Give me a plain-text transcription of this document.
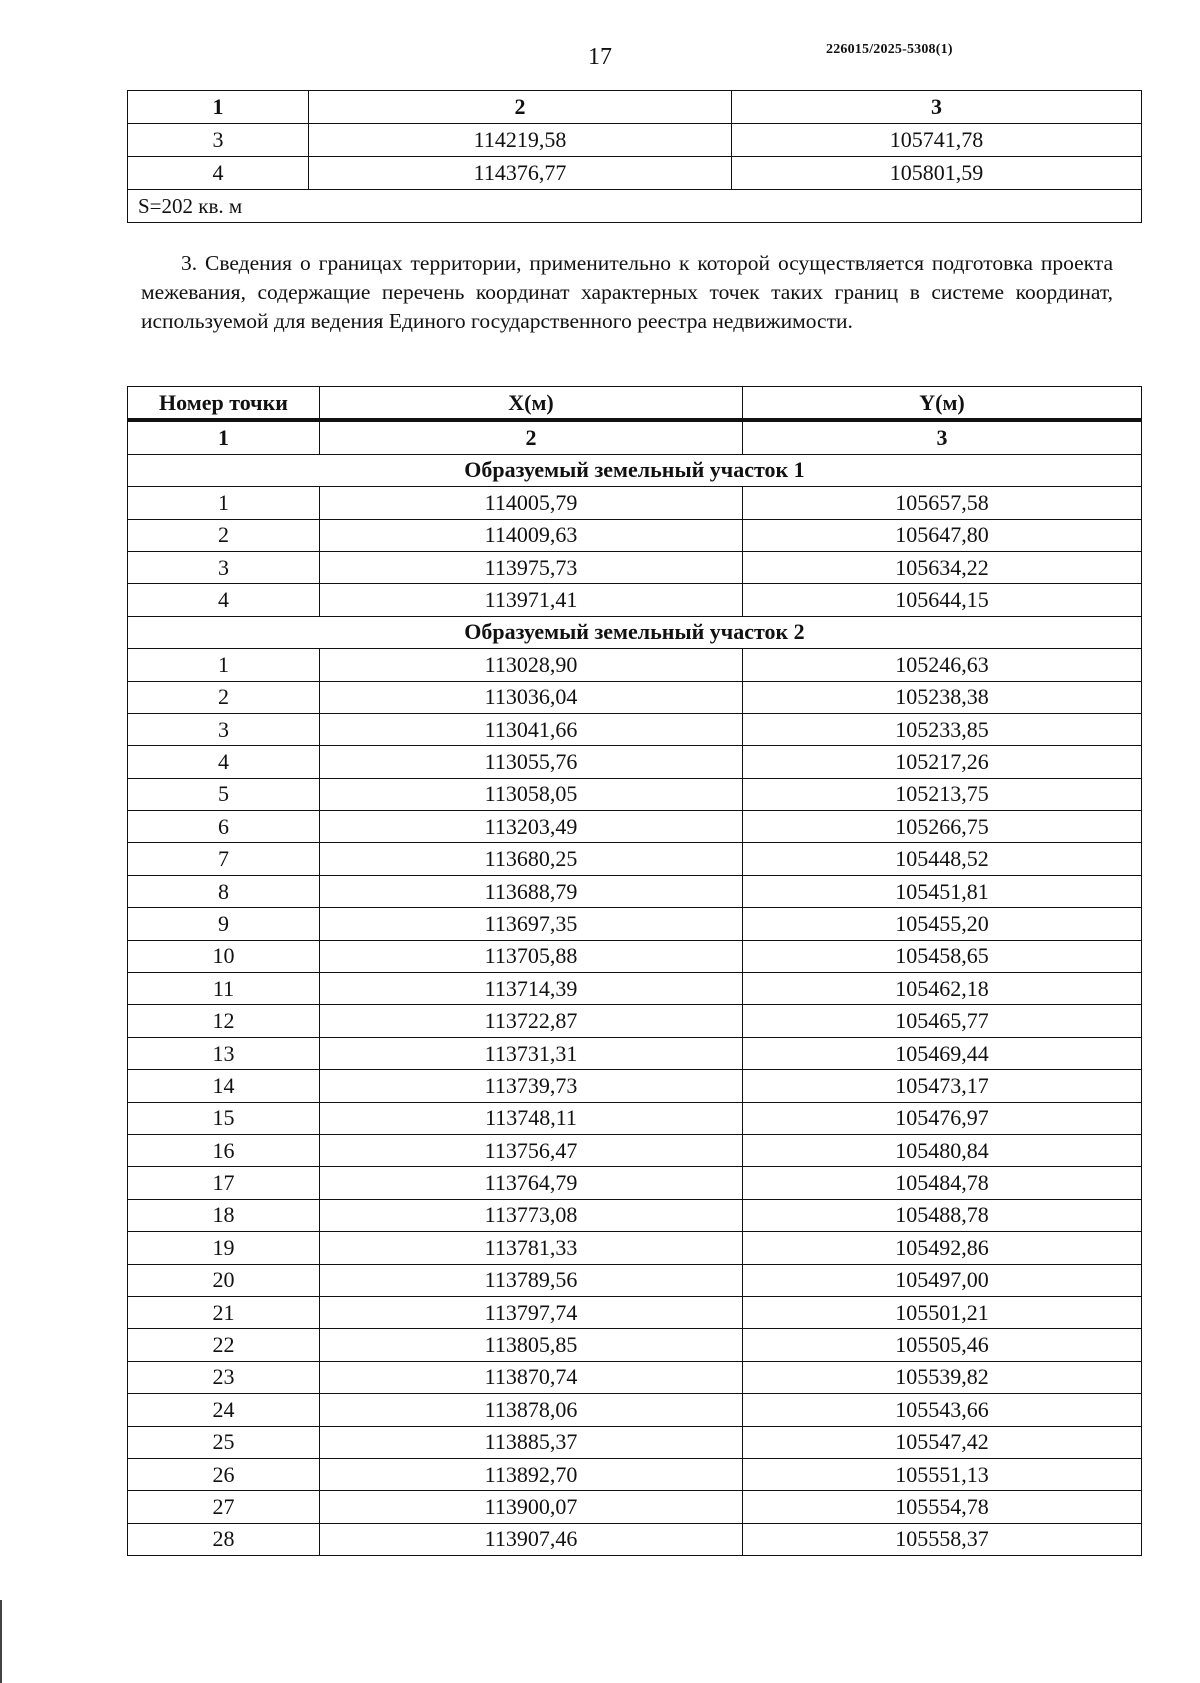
17	226015/2025-5308(1)
1	2	3
3	114219,58	105741,78
4	114376,77	105801,59
S=202 кв. м		
3. Сведения о границах территории, применительно к которой осуществляется подготовка проекта межевания, содержащие перечень координат характерных точек таких границ в системе координат, используемой для ведения Единого государственного реестра недвижимости.
Номер точки	X(м)	Y(м)
1	2	3
Образуемый земельный участок 1		
1	114005,79	105657,58
2	114009,63	105647,80
3	113975,73	105634,22
4	113971,41	105644,15
Образуемый земельный участок 2		
1	113028,90	105246,63
2	113036,04	105238,38
3	113041,66	105233,85
4	113055,76	105217,26
5	113058,05	105213,75
6	113203,49	105266,75
7	113680,25	105448,52
8	113688,79	105451,81
9	113697,35	105455,20
10	113705,88	105458,65
11	113714,39	105462,18
12	113722,87	105465,77
13	113731,31	105469,44
14	113739,73	105473,17
15	113748,11	105476,97
16	113756,47	105480,84
17	113764,79	105484,78
18	113773,08	105488,78
19	113781,33	105492,86
20	113789,56	105497,00
21	113797,74	105501,21
22	113805,85	105505,46
23	113870,74	105539,82
24	113878,06	105543,66
25	113885,37	105547,42
26	113892,70	105551,13
27	113900,07	105554,78
28	113907,46	105558,37
